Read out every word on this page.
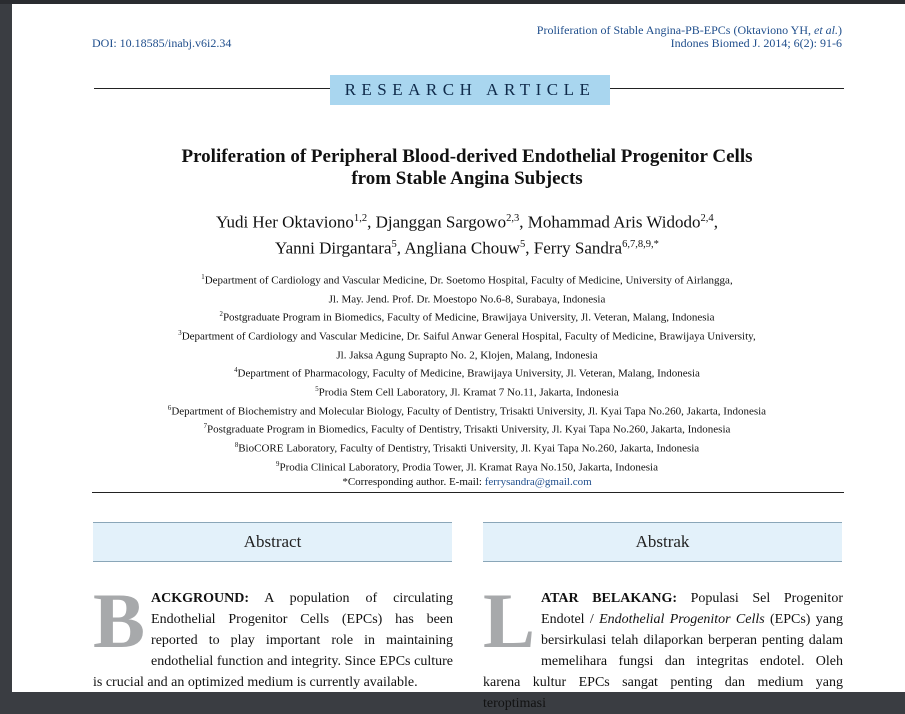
DOI: 10.18585/inabj.v6i2.34
Proliferation of Stable Angina-PB-EPCs (Oktaviono YH, et al.)
Indones Biomed J. 2014; 6(2): 91-6
RESEARCH ARTICLE
Proliferation of Peripheral Blood-derived Endothelial Progenitor Cells
from Stable Angina Subjects
Yudi Her Oktaviono$^{1,2}$, Djanggan Sargowo$^{2,3}$, Mohammad Aris Widodo$^{2,4}$,
Yanni Dirgantara$^5$, Angliana Chouw$^5$, Ferry Sandra$^{6,7,8,9,*}$

$^1$Department of Cardiology and Vascular Medicine, Dr. Soetomo Hospital, Faculty of Medicine, University of Airlangga,

Jl. May. Jend. Prof. Dr. Moestopo No.6-8, Surabaya, Indonesia

$^2$Postgraduate Program in Biomedics, Faculty of Medicine, Brawijaya University, Jl. Veteran, Malang, Indonesia

$^3$Department of Cardiology and Vascular Medicine, Dr. Saiful Anwar General Hospital, Faculty of Medicine, Brawijaya University,

Jl. Jaksa Agung Suprapto No. 2, Klojen, Malang, Indonesia

$^4$Department of Pharmacology, Faculty of Medicine, Brawijaya University, Jl. Veteran, Malang, Indonesia

$^5$Prodia Stem Cell Laboratory, Jl. Kramat 7 No.11, Jakarta, Indonesia

$^6$Department of Biochemistry and Molecular Biology, Faculty of Dentistry, Trisakti University, Jl. Kyai Tapa No.260, Jakarta, Indonesia

$^7$Postgraduate Program in Biomedics, Faculty of Dentistry, Trisakti University, Jl. Kyai Tapa No.260, Jakarta, Indonesia

$^8$BioCORE Laboratory, Faculty of Dentistry, Trisakti University, Jl. Kyai Tapa No.260, Jakarta, Indonesia

$^9$Prodia Clinical Laboratory, Prodia Tower, Jl. Kramat Raya No.150, Jakarta, Indonesia

*Corresponding author. E-mail: ferrysandra@gmail.com

Abstract	Abstrak
BACKGROUND: A population of circulating Endothelial Progenitor Cells (EPCs) has been reported to play important role in maintaining endothelial function and integrity. Since EPCs culture is crucial and an optimized medium is currently available.
LATAR BELAKANG: Populasi Sel Progenitor Endotel / Endothelial Progenitor Cells (EPCs) yang bersirkulasi telah dilaporkan berperan penting dalam memelihara fungsi dan integritas endotel. Oleh karena kultur EPCs sangat penting dan medium yang teroptimasi
